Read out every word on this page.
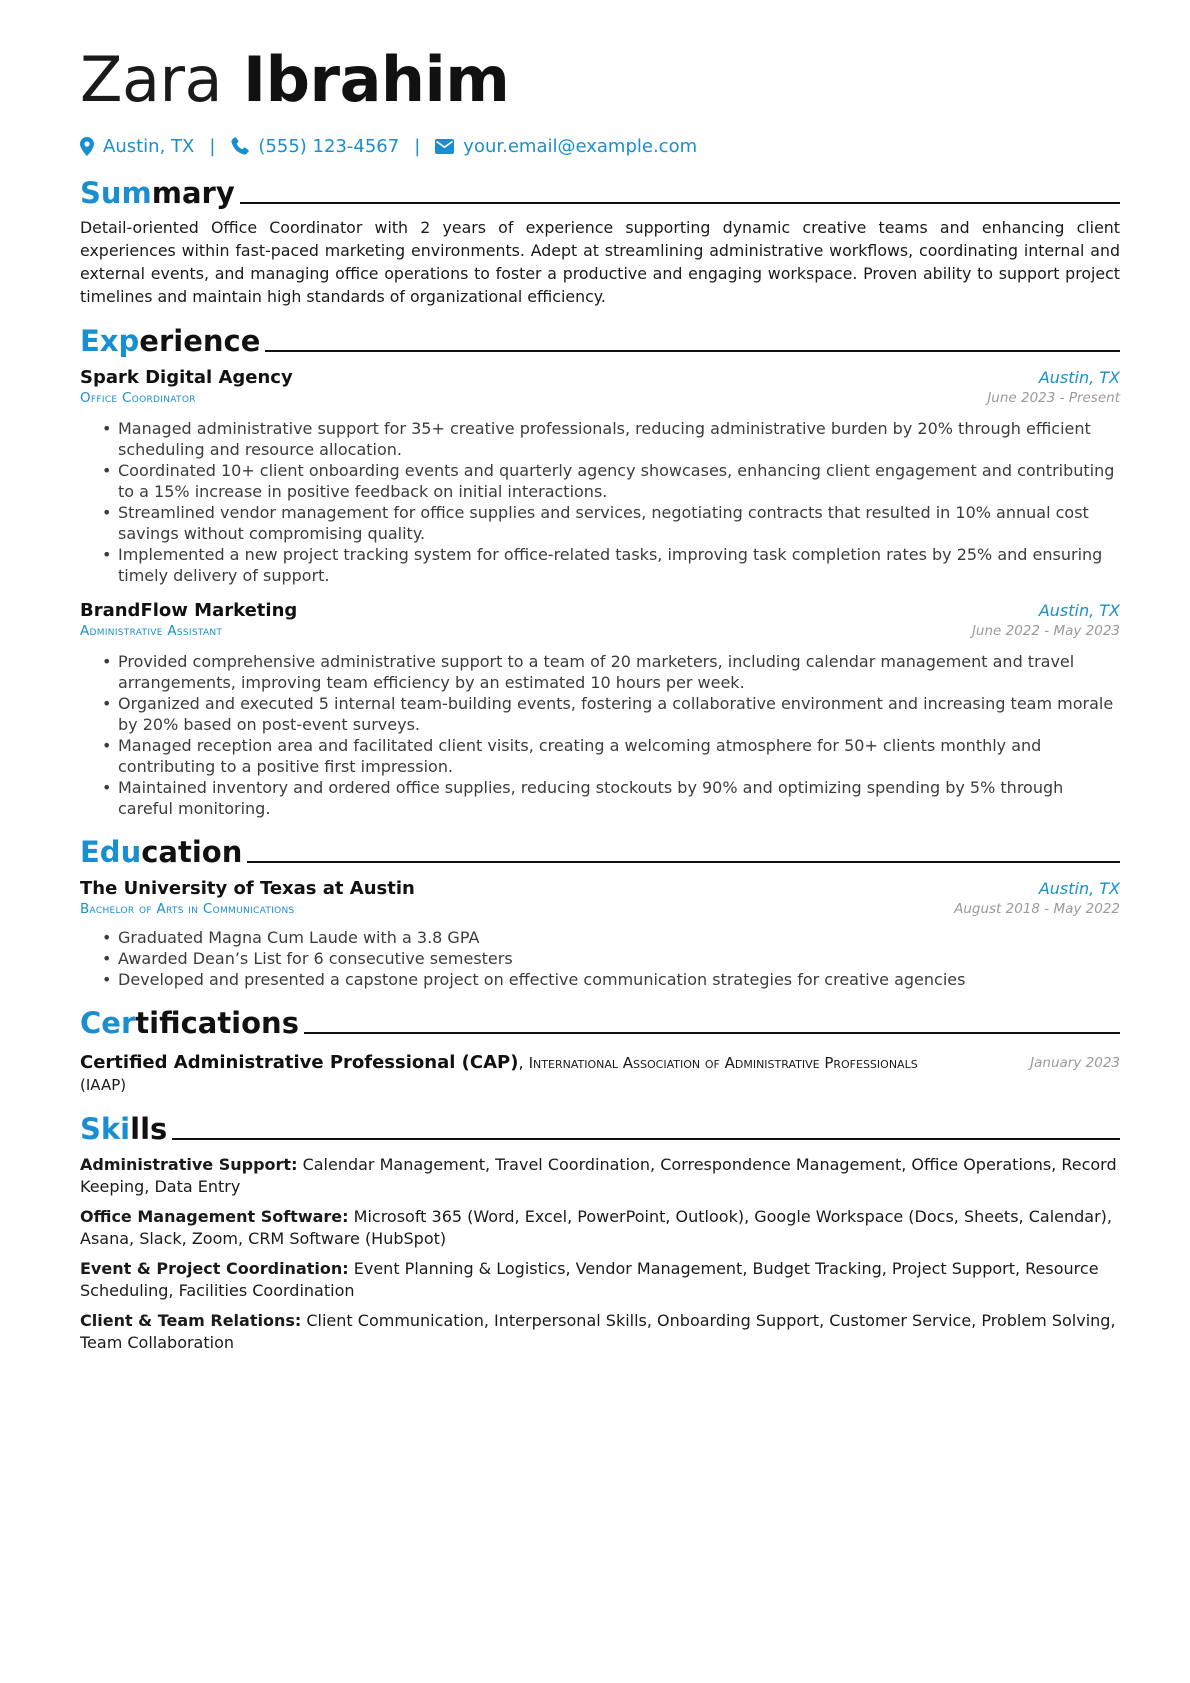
Zara Ibrahim
Austin, TX | (555) 123-4567 | your.email@example.com
Summary
Detail-oriented Office Coordinator with 2 years of experience supporting dynamic creative teams and enhancing client experiences within fast-paced marketing environments. Adept at streamlining administrative workflows, coordinating internal and external events, and managing office operations to foster a productive and engaging workspace. Proven ability to support project timelines and maintain high standards of organizational efficiency.
Experience
Spark Digital Agency	Austin, TX
Office Coordinator	June 2023 - Present
• Managed administrative support for 35+ creative professionals, reducing administrative burden by 20% through efficient scheduling and resource allocation.
• Coordinated 10+ client onboarding events and quarterly agency showcases, enhancing client engagement and contributing to a 15% increase in positive feedback on initial interactions.
• Streamlined vendor management for office supplies and services, negotiating contracts that resulted in 10% annual cost savings without compromising quality.
• Implemented a new project tracking system for office-related tasks, improving task completion rates by 25% and ensuring timely delivery of support.
BrandFlow Marketing	Austin, TX
Administrative Assistant	June 2022 - May 2023
• Provided comprehensive administrative support to a team of 20 marketers, including calendar management and travel arrangements, improving team efficiency by an estimated 10 hours per week.
• Organized and executed 5 internal team-building events, fostering a collaborative environment and increasing team morale by 20% based on post-event surveys.
• Managed reception area and facilitated client visits, creating a welcoming atmosphere for 50+ clients monthly and contributing to a positive first impression.
• Maintained inventory and ordered office supplies, reducing stockouts by 90% and optimizing spending by 5% through careful monitoring.
Education
The University of Texas at Austin	Austin, TX
Bachelor of Arts in Communications	August 2018 - May 2022
• Graduated Magna Cum Laude with a 3.8 GPA
• Awarded Dean’s List for 6 consecutive semesters
• Developed and presented a capstone project on effective communication strategies for creative agencies
Certifications
Certified Administrative Professional (CAP), International Association of Administrative Professionals (IAAP)
January 2023
Skills
Administrative Support: Calendar Management, Travel Coordination, Correspondence Management, Office Operations, Record Keeping, Data Entry
Office Management Software: Microsoft 365 (Word, Excel, PowerPoint, Outlook), Google Workspace (Docs, Sheets, Calendar), Asana, Slack, Zoom, CRM Software (HubSpot)
Event & Project Coordination: Event Planning & Logistics, Vendor Management, Budget Tracking, Project Support, Resource Scheduling, Facilities Coordination
Client & Team Relations: Client Communication, Interpersonal Skills, Onboarding Support, Customer Service, Problem Solving, Team Collaboration
